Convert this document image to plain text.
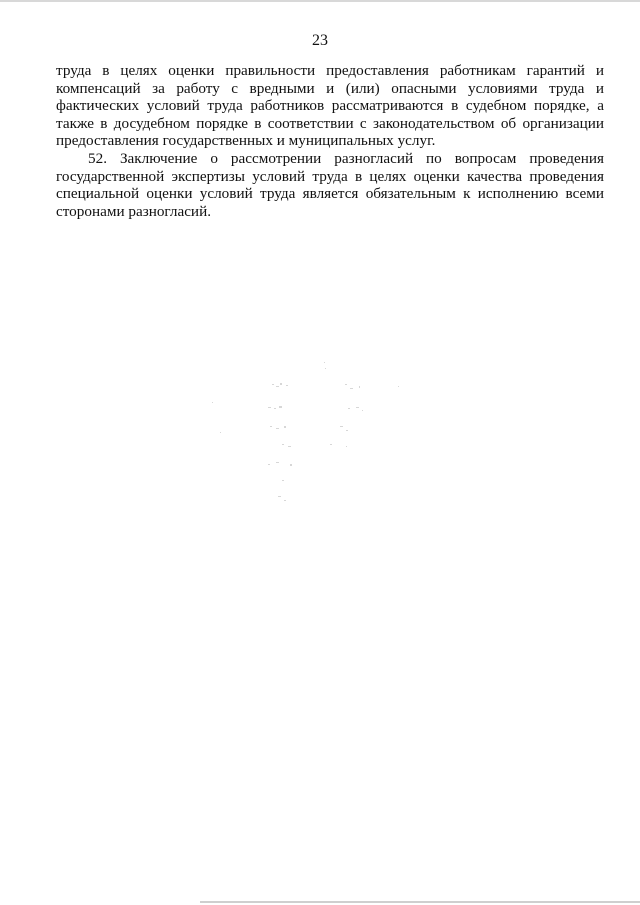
23

труда в целях оценки правильности предоставления работникам гарантий и компенсаций за работу с вредными и (или) опасными условиями труда и фактических условий труда работников рассматриваются в судебном порядке, а также в досудебном порядке в соответствии с законодательством об организации предоставления государственных и муниципальных услуг.

52. Заключение о рассмотрении разногласий по вопросам проведения государственной экспертизы условий труда в целях оценки качества проведения специальной оценки условий труда является обязательным к исполнению всеми сторонами разногласий.
